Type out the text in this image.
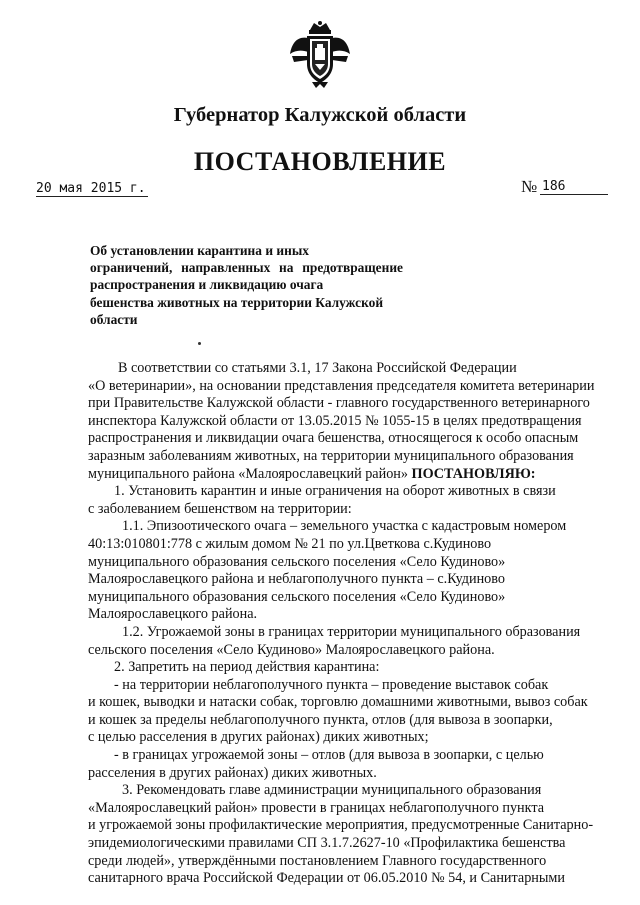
Губернатор Калужской области
ПОСТАНОВЛЕНИЕ
20 мая 2015 г.	№ 186
Об установлении карантина и иных
ограничений, направленных на предотвращение
распространения и ликвидацию очага
бешенства животных на территории Калужской
области
В соответствии со статьями 3.1, 17 Закона Российской Федерации
«О ветеринарии», на основании представления председателя комитета ветеринарии
при Правительстве Калужской области - главного государственного ветеринарного
инспектора Калужской области от 13.05.2015 № 1055-15 в целях предотвращения
распространения и ликвидации очага бешенства, относящегося к особо опасным
заразным заболеваниям животных, на территории муниципального образования
муниципального района «Малоярославецкий район» ПОСТАНОВЛЯЮ:
1. Установить карантин и иные ограничения на оборот животных в связи
с заболеванием бешенством на территории:
1.1. Эпизоотического очага – земельного участка с кадастровым номером
40:13:010801:778 с жилым домом № 21 по ул.Цветкова с.Кудиново
муниципального образования сельского поселения «Село Кудиново»
Малоярославецкого района и неблагополучного пункта – с.Кудиново
муниципального образования сельского поселения «Село Кудиново»
Малоярославецкого района.
1.2. Угрожаемой зоны в границах территории муниципального образования
сельского поселения «Село Кудиново» Малоярославецкого района.
2. Запретить на период действия карантина:
- на территории неблагополучного пункта – проведение выставок собак
и кошек, выводки и натаски собак, торговлю домашними животными, вывоз собак
и кошек за пределы неблагополучного пункта, отлов (для вывоза в зоопарки,
с целью расселения в других районах) диких животных;
- в границах угрожаемой зоны – отлов (для вывоза в зоопарки, с целью
расселения в других районах) диких животных.
3. Рекомендовать главе администрации муниципального образования
«Малоярославецкий район» провести в границах неблагополучного пункта
и угрожаемой зоны профилактические мероприятия, предусмотренные Санитарно-
эпидемиологическими правилами СП 3.1.7.2627-10 «Профилактика бешенства
среди людей», утверждёнными постановлением Главного государственного
санитарного врача Российской Федерации от 06.05.2010 № 54, и Санитарными
